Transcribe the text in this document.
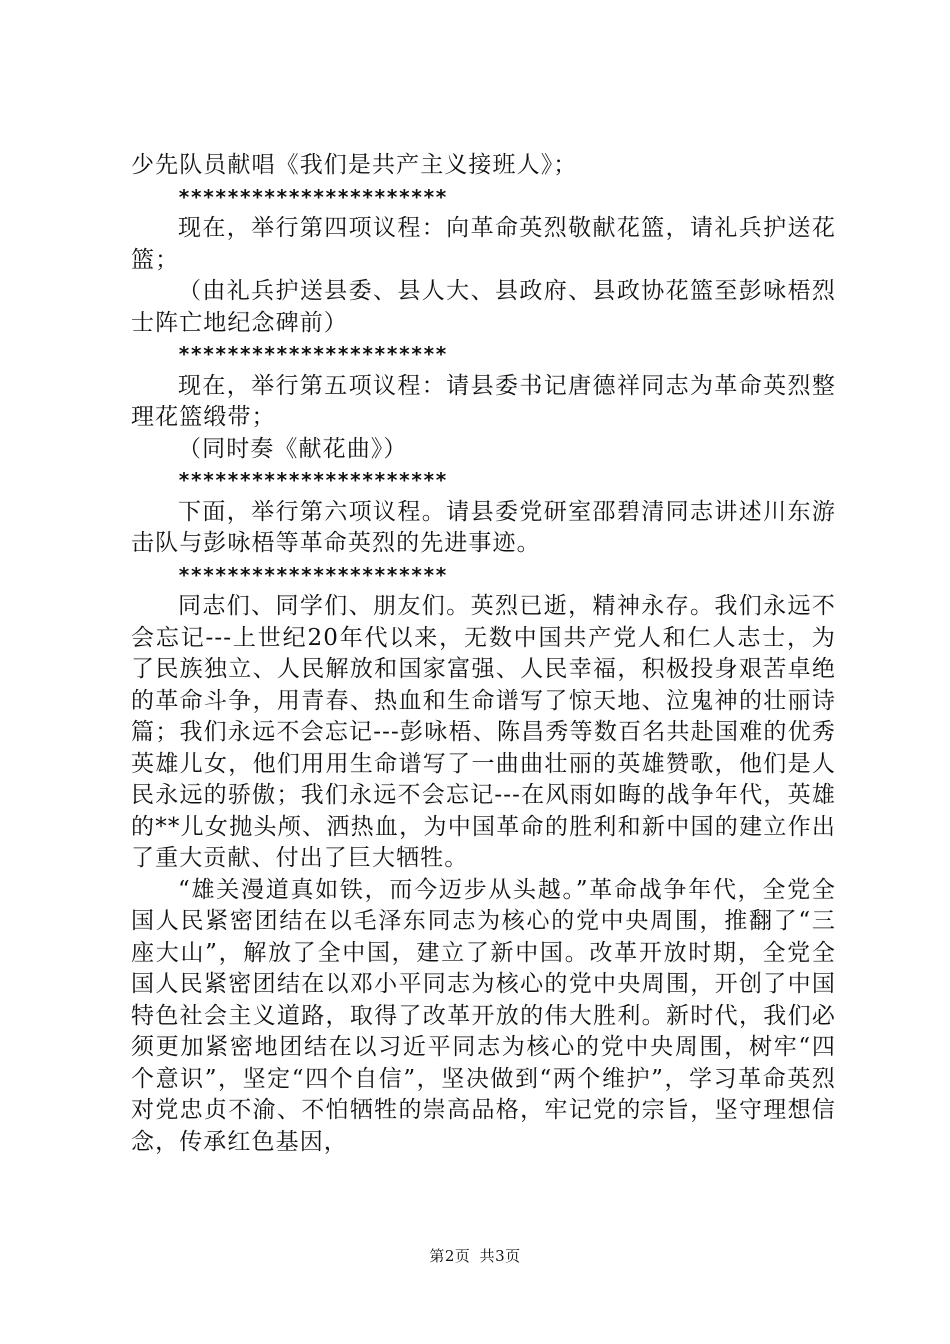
少先队员献唱《我们是共产主义接班人》；

**********************

现在，举行第四项议程：向革命英烈敬献花篮，请礼兵护送花篮；

（由礼兵护送县委、县人大、县政府、县政协花篮至彭咏梧烈士阵亡地纪念碑前）

**********************

现在，举行第五项议程：请县委书记唐德祥同志为革命英烈整理花篮缎带；

（同时奏《献花曲》）

**********************

下面，举行第六项议程。请县委党研室邵碧清同志讲述川东游击队与彭咏梧等革命英烈的先进事迹。

**********************

同志们、同学们、朋友们。英烈已逝，精神永存。我们永远不会忘记---上世纪20年代以来，无数中国共产党人和仁人志士，为了民族独立、人民解放和国家富强、人民幸福，积极投身艰苦卓绝的革命斗争，用青春、热血和生命谱写了惊天地、泣鬼神的壮丽诗篇；我们永远不会忘记---彭咏梧、陈昌秀等数百名共赴国难的优秀英雄儿女，他们用用生命谱写了一曲曲壮丽的英雄赞歌，他们是人民永远的骄傲；我们永远不会忘记---在风雨如晦的战争年代，英雄的**儿女抛头颅、洒热血，为中国革命的胜利和新中国的建立作出了重大贡献、付出了巨大牺牲。

“雄关漫道真如铁，而今迈步从头越。”革命战争年代，全党全国人民紧密团结在以毛泽东同志为核心的党中央周围，推翻了“三座大山”，解放了全中国，建立了新中国。改革开放时期，全党全国人民紧密团结在以邓小平同志为核心的党中央周围，开创了中国特色社会主义道路，取得了改革开放的伟大胜利。新时代，我们必须更加紧密地团结在以习近平同志为核心的党中央周围，树牢“四个意识”，坚定“四个自信”，坚决做到“两个维护”，学习革命英烈对党忠贞不渝、不怕牺牲的崇高品格，牢记党的宗旨，坚守理想信念，传承红色基因，

第2页 共3页
